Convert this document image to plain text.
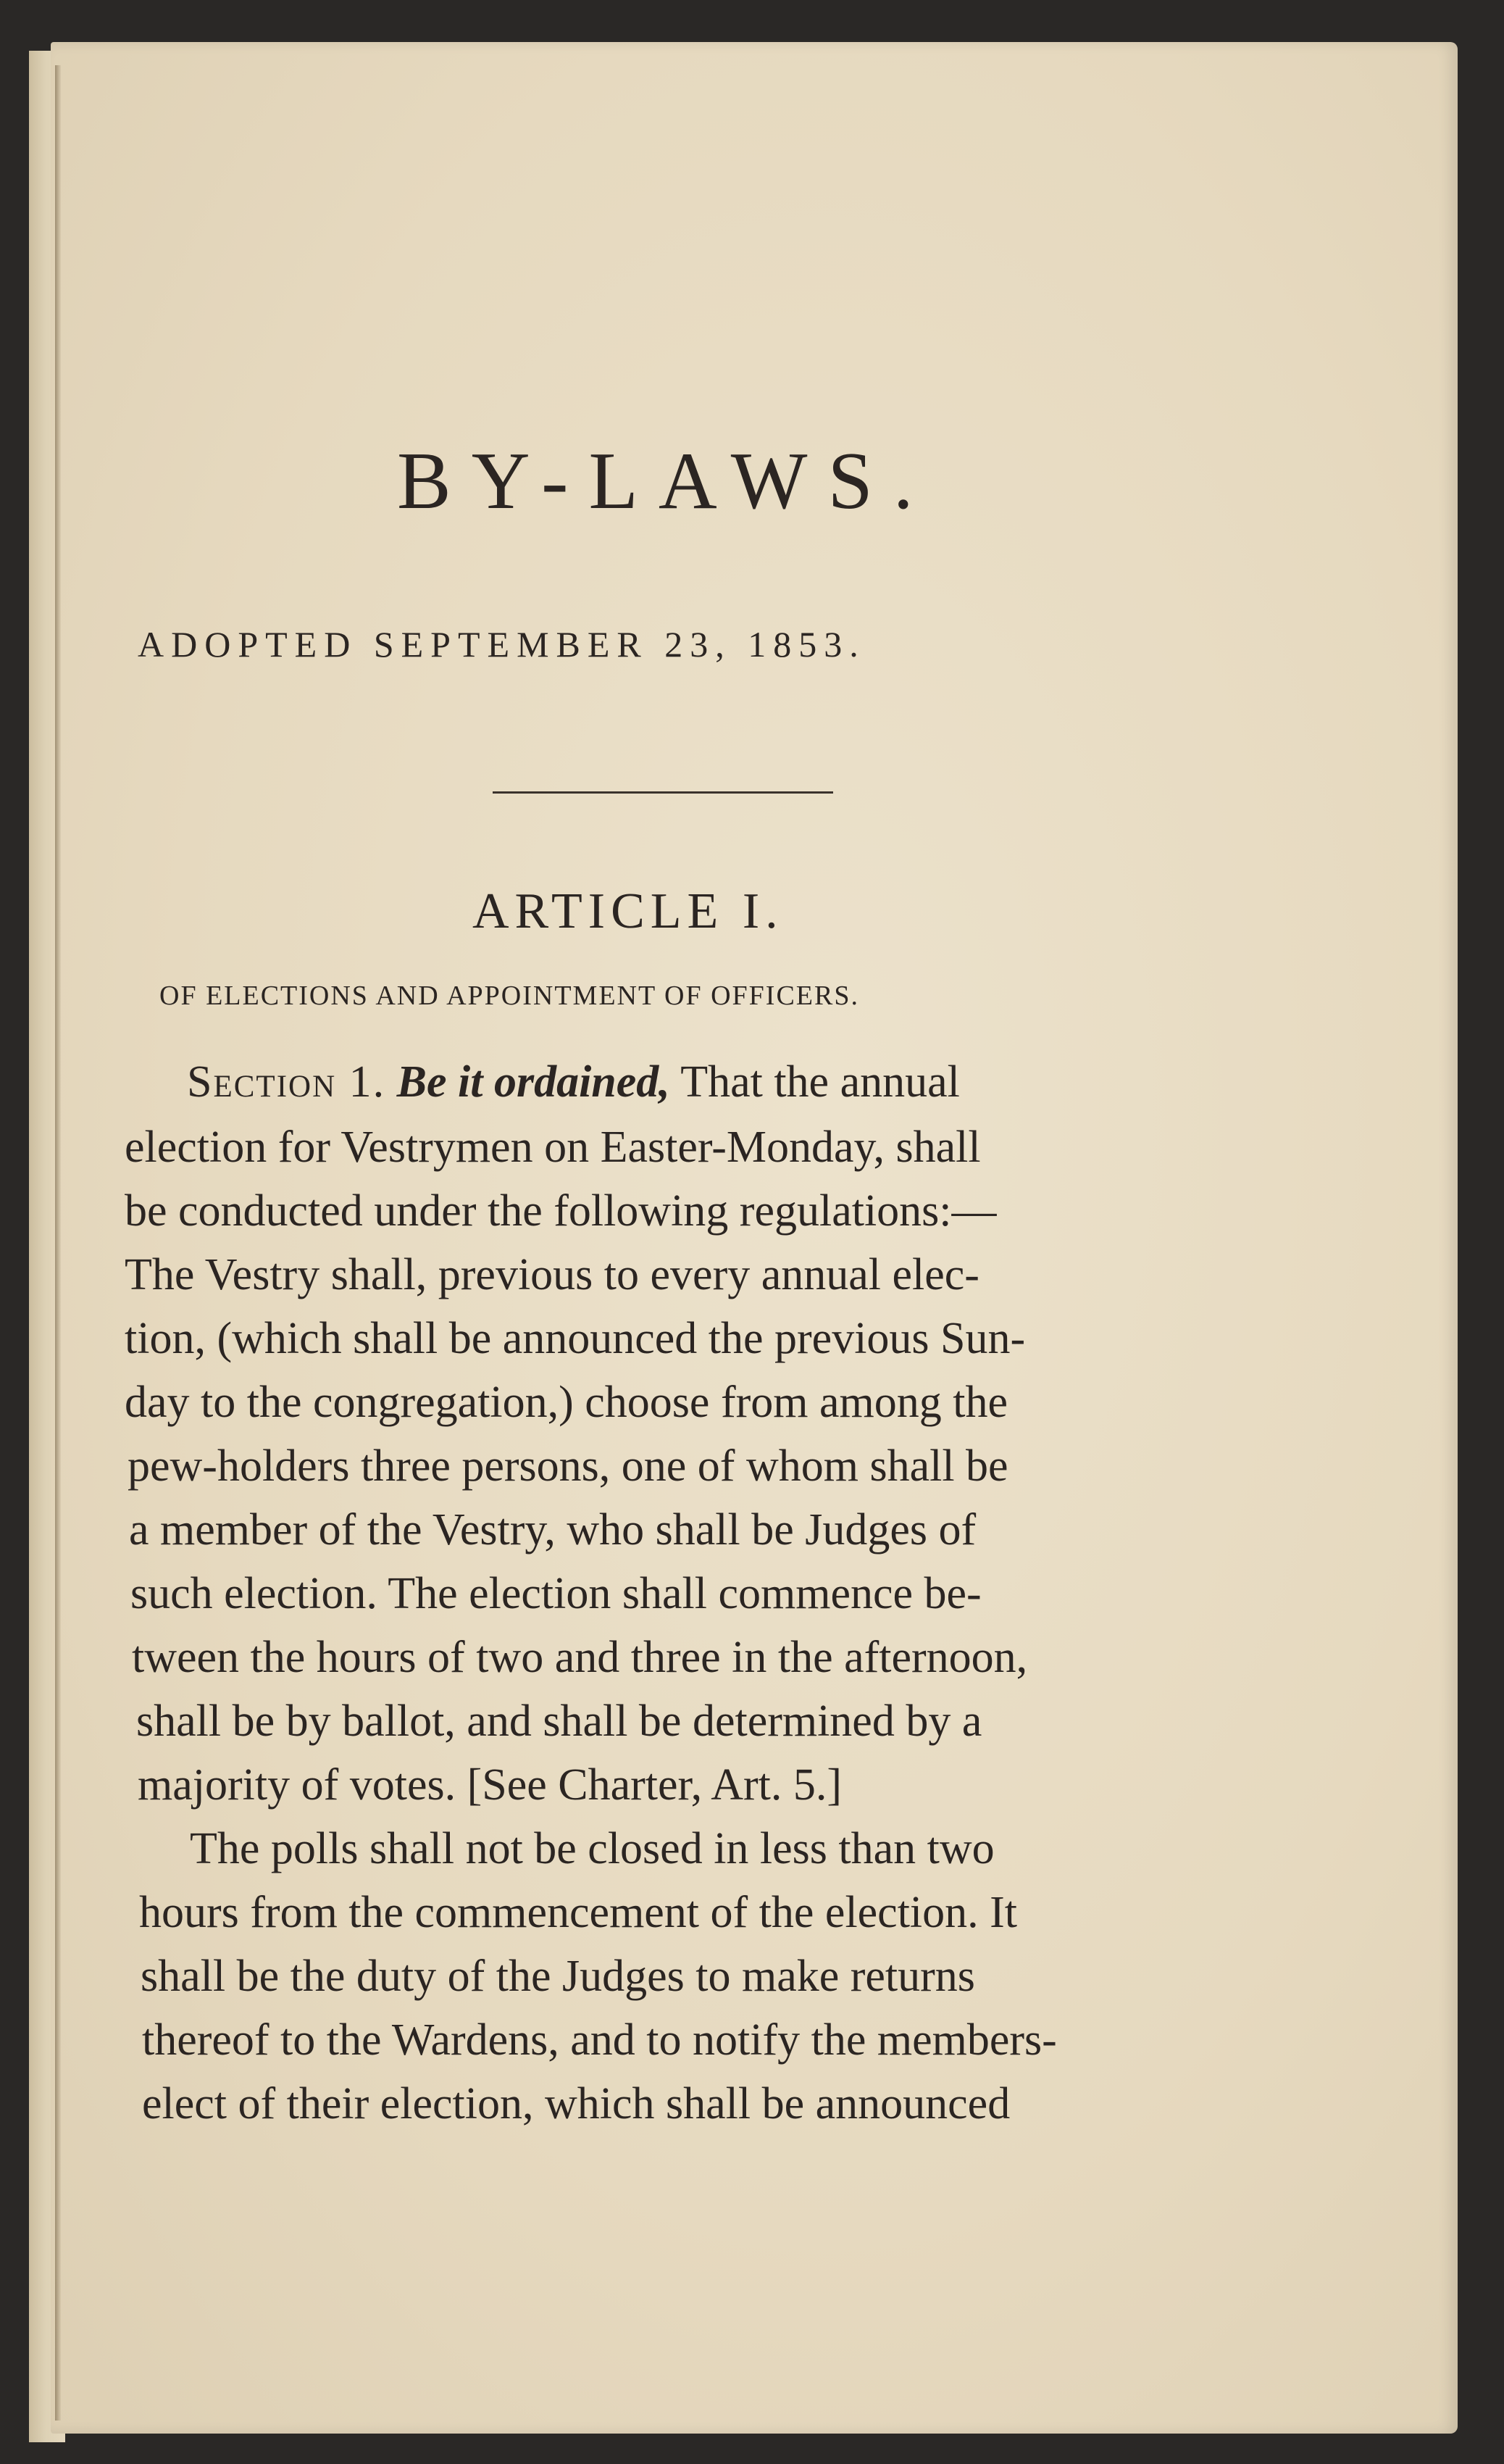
BY-LAWS.
ADOPTED SEPTEMBER 23, 1853.
ARTICLE I.
OF ELECTIONS AND APPOINTMENT OF OFFICERS.
Section 1. Be it ordained, That the annual
election for Vestrymen on Easter-Monday, shall
be conducted under the following regulations:—
The Vestry shall, previous to every annual elec-
tion, (which shall be announced the previous Sun-
day to the congregation,) choose from among the
pew-holders three persons, one of whom shall be
a member of the Vestry, who shall be Judges of
such election. The election shall commence be-
tween the hours of two and three in the afternoon,
shall be by ballot, and shall be determined by a
majority of votes. [See Charter, Art. 5.]
The polls shall not be closed in less than two
hours from the commencement of the election. It
shall be the duty of the Judges to make returns
thereof to the Wardens, and to notify the members-
elect of their election, which shall be announced
